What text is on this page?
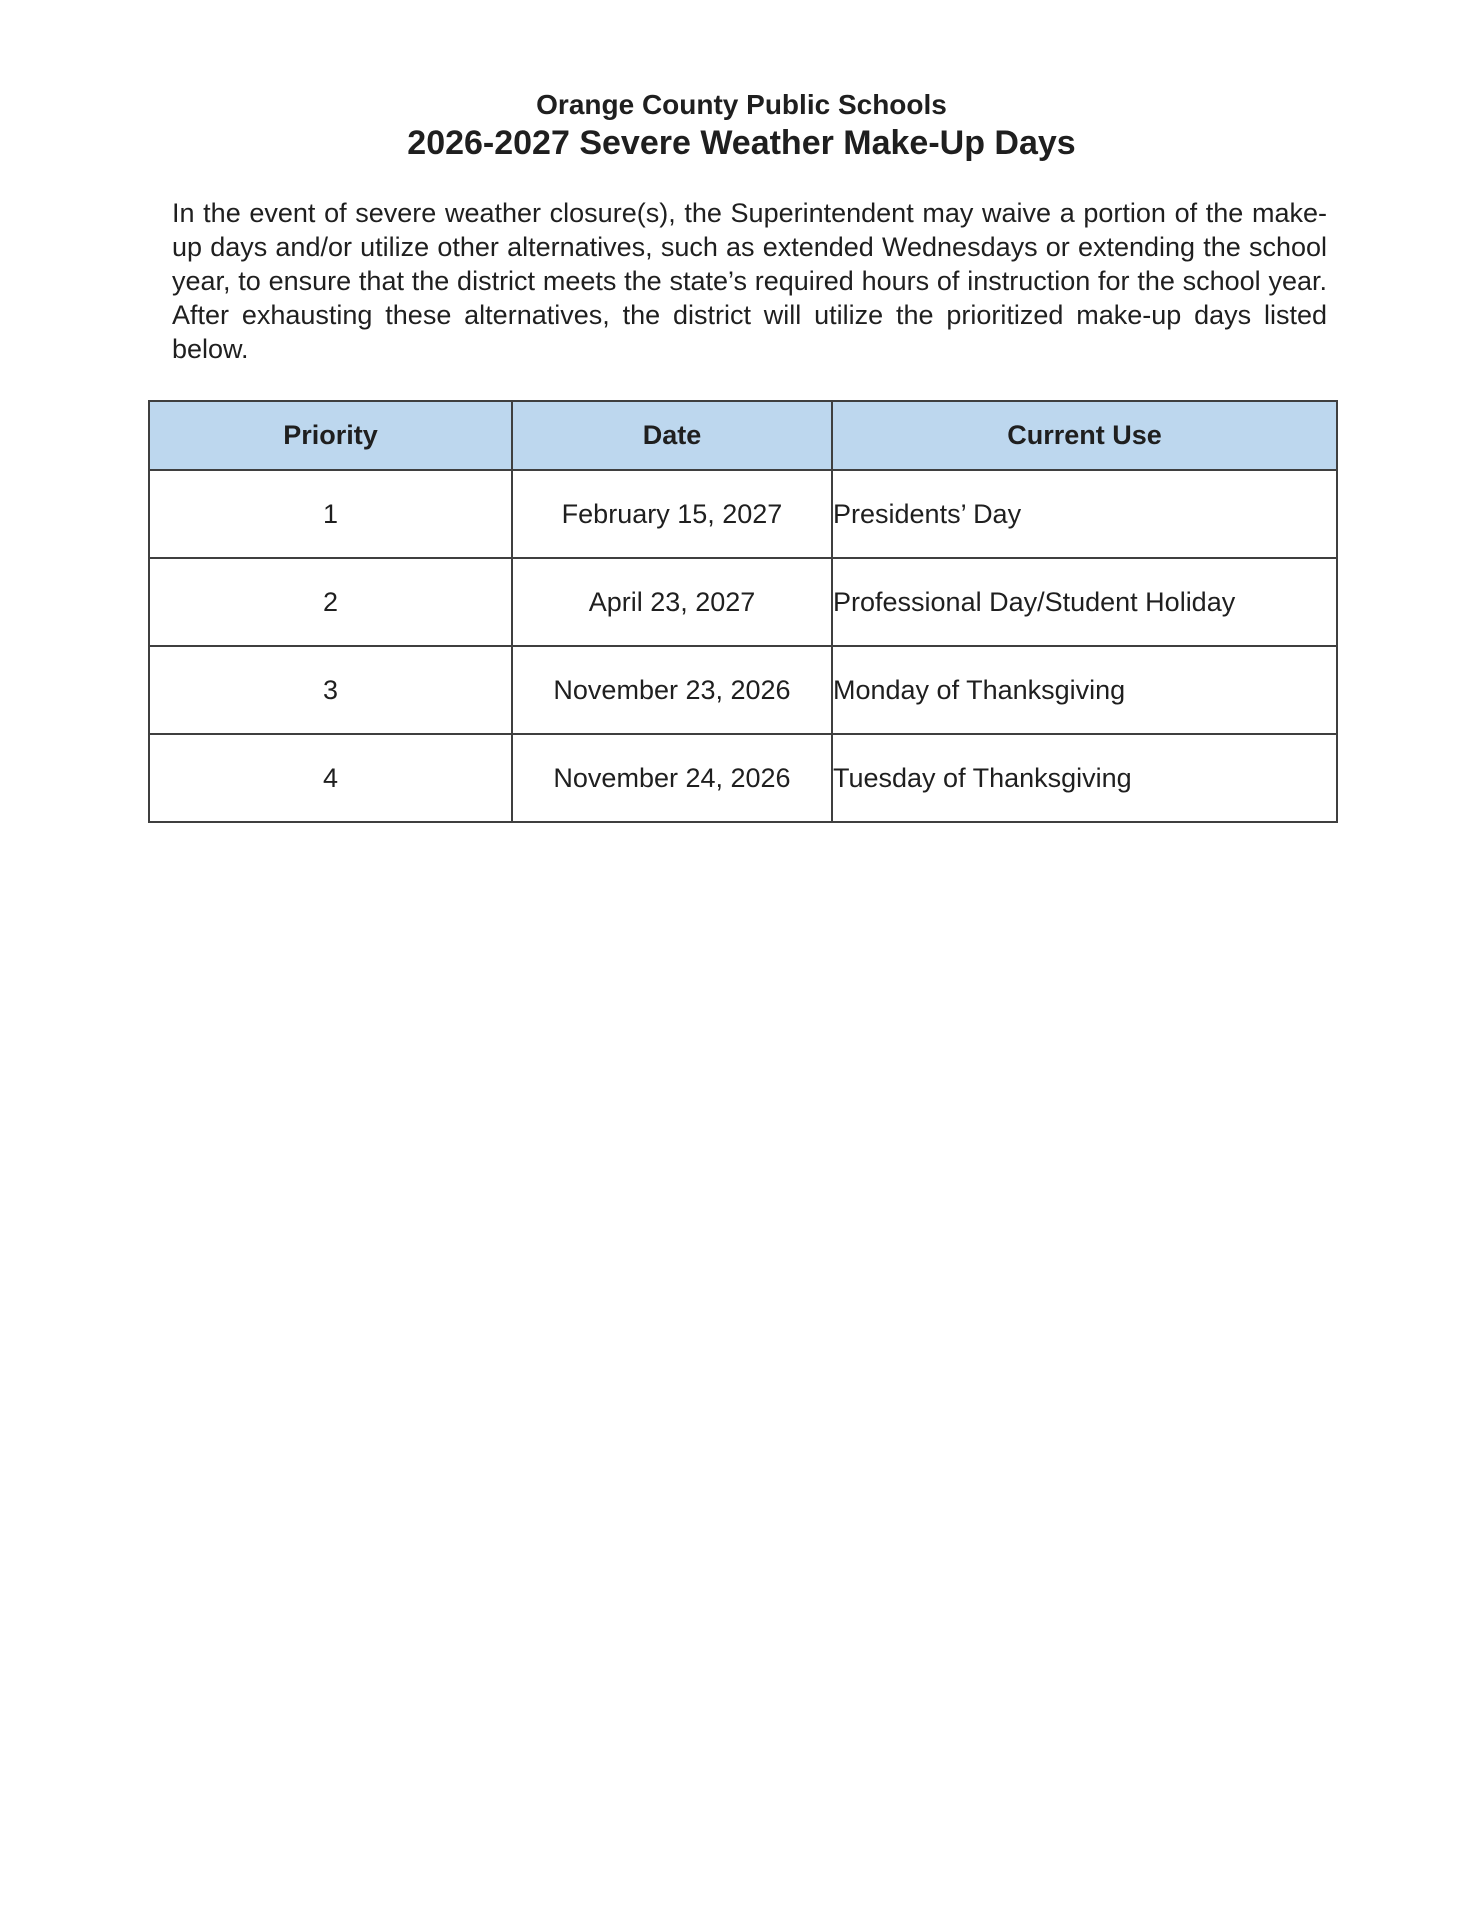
Orange County Public Schools
2026-2027 Severe Weather Make-Up Days

In the event of severe weather closure(s), the Superintendent may waive a portion of the make-up days and/or utilize other alternatives, such as extended Wednesdays or extending the school year, to ensure that the district meets the state’s required hours of instruction for the school year. After exhausting these alternatives, the district will utilize the prioritized make-up days listed below.

Priority	Date	Current Use
1	February 15, 2027	Presidents’ Day
2	April 23, 2027	Professional Day/Student Holiday
3	November 23, 2026	Monday of Thanksgiving
4	November 24, 2026	Tuesday of Thanksgiving
